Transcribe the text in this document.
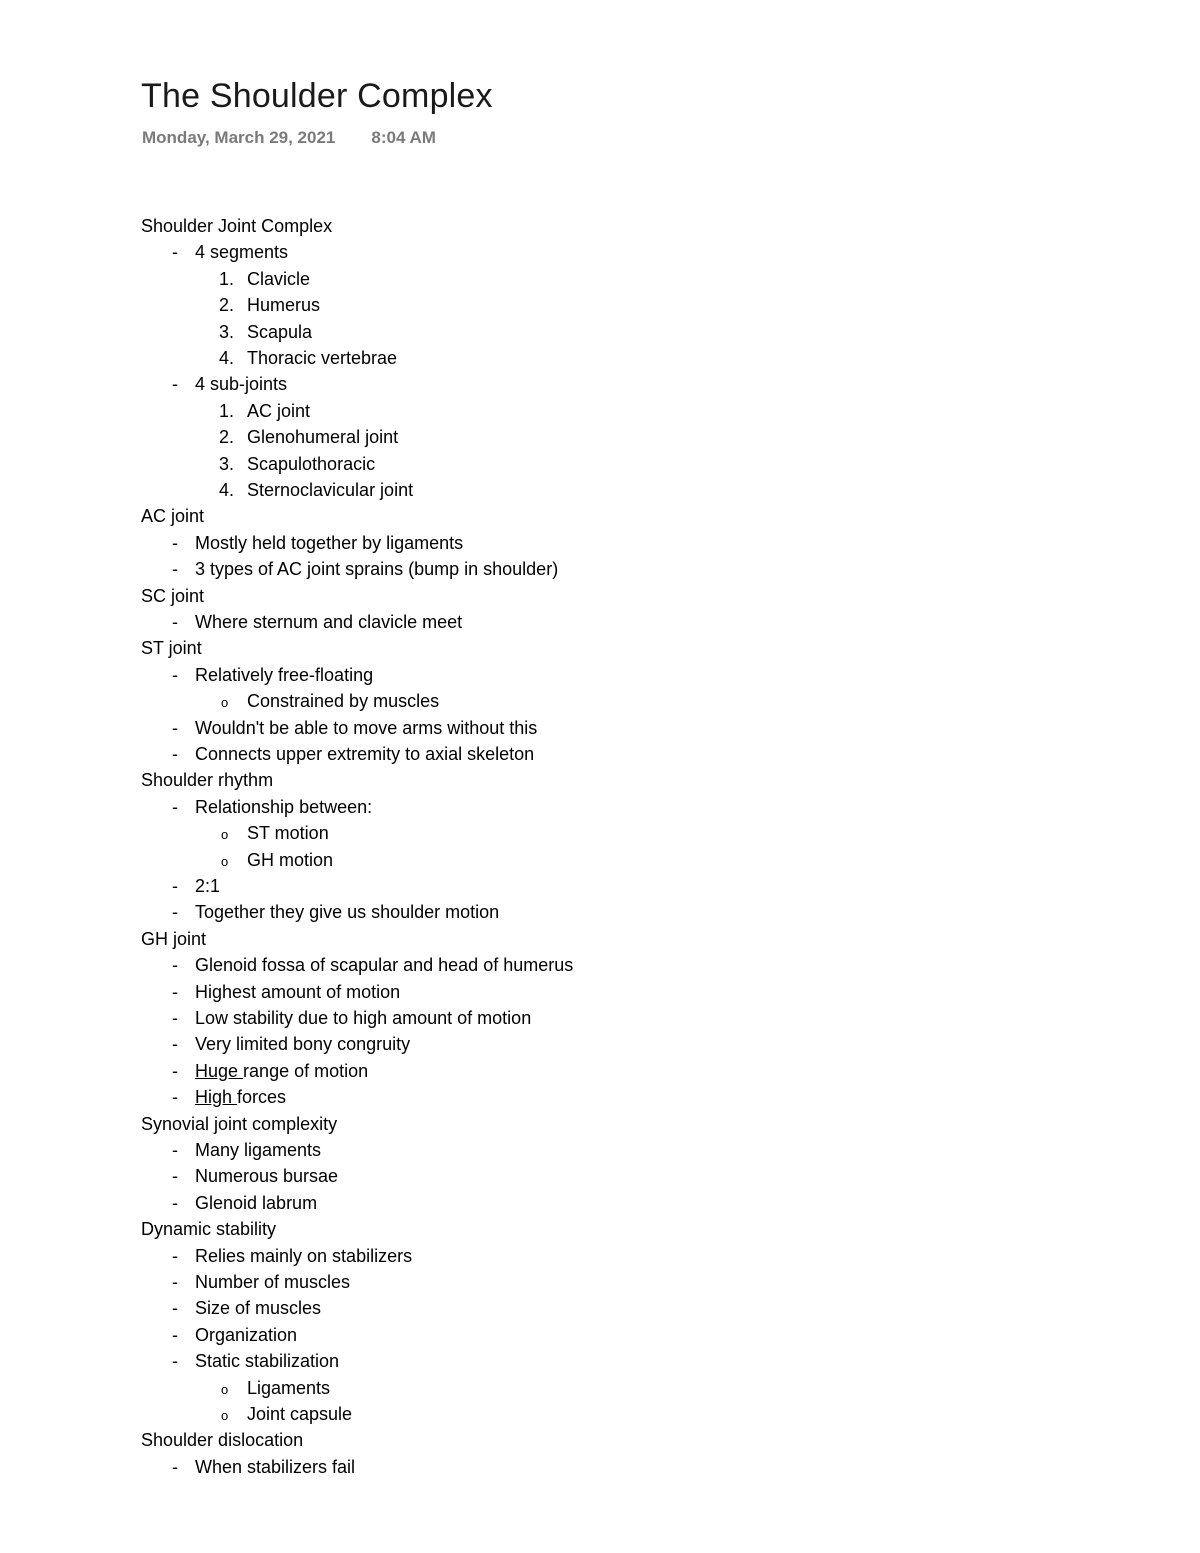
The Shoulder Complex
Monday, March 29, 2021 8:04 AM
Shoulder Joint Complex
- 4 segments
1. Clavicle
2. Humerus
3. Scapula
4. Thoracic vertebrae
- 4 sub-joints
1. AC joint
2. Glenohumeral joint
3. Scapulothoracic
4. Sternoclavicular joint
AC joint
- Mostly held together by ligaments
- 3 types of AC joint sprains (bump in shoulder)
SC joint
- Where sternum and clavicle meet
ST joint
- Relatively free-floating
o Constrained by muscles
- Wouldn't be able to move arms without this
- Connects upper extremity to axial skeleton
Shoulder rhythm
- Relationship between:
o ST motion
o GH motion
- 2:1
- Together they give us shoulder motion
GH joint
- Glenoid fossa of scapular and head of humerus
- Highest amount of motion
- Low stability due to high amount of motion
- Very limited bony congruity
- Huge range of motion
- High forces
Synovial joint complexity
- Many ligaments
- Numerous bursae
- Glenoid labrum
Dynamic stability
- Relies mainly on stabilizers
- Number of muscles
- Size of muscles
- Organization
- Static stabilization
o Ligaments
o Joint capsule
Shoulder dislocation
- When stabilizers fail
